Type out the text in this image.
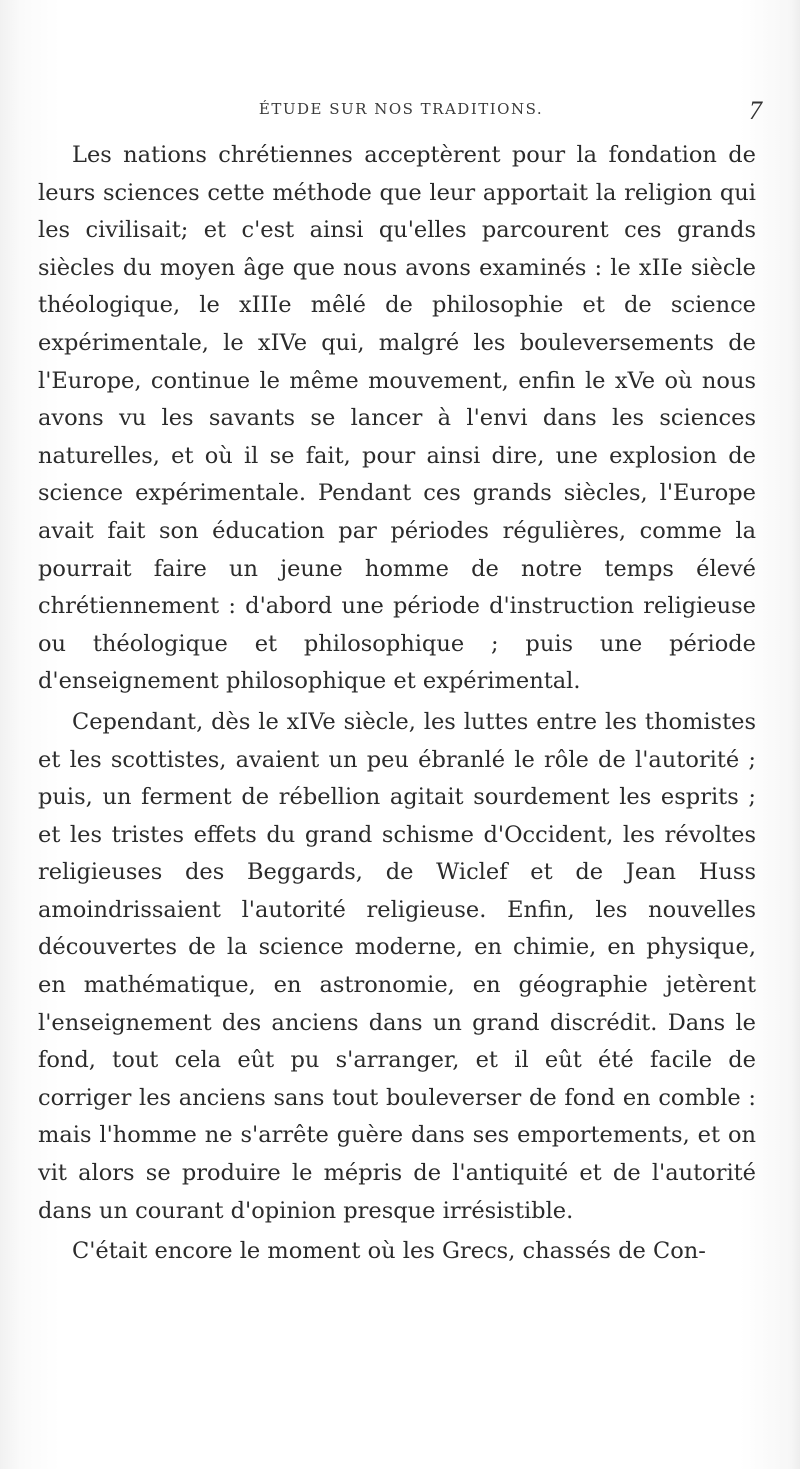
ÉTUDE SUR NOS TRADITIONS.	7

Les nations chrétiennes acceptèrent pour la fondation de leurs sciences cette méthode que leur apportait la religion qui les civilisait; et c'est ainsi qu'elles parcourent ces grands siècles du moyen âge que nous avons examinés : le xIIe siècle théologique, le xIIIe mêlé de philosophie et de science expérimentale, le xIVe qui, malgré les bouleversements de l'Europe, continue le même mouvement, enfin le xVe où nous avons vu les savants se lancer à l'envi dans les sciences naturelles, et où il se fait, pour ainsi dire, une explosion de science expérimentale. Pendant ces grands siècles, l'Europe avait fait son éducation par périodes régulières, comme la pourrait faire un jeune homme de notre temps élevé chrétiennement : d'abord une période d'instruction religieuse ou théologique et philosophique ; puis une période d'enseignement philosophique et expérimental.

Cependant, dès le xIVe siècle, les luttes entre les thomistes et les scottistes, avaient un peu ébranlé le rôle de l'autorité ; puis, un ferment de rébellion agitait sourdement les esprits ; et les tristes effets du grand schisme d'Occident, les révoltes religieuses des Beggards, de Wiclef et de Jean Huss amoindrissaient l'autorité religieuse. Enfin, les nouvelles découvertes de la science moderne, en chimie, en physique, en mathématique, en astronomie, en géographie jetèrent l'enseignement des anciens dans un grand discrédit. Dans le fond, tout cela eût pu s'arranger, et il eût été facile de corriger les anciens sans tout bouleverser de fond en comble : mais l'homme ne s'arrête guère dans ses emportements, et on vit alors se produire le mépris de l'antiquité et de l'autorité dans un courant d'opinion presque irrésistible.

C'était encore le moment où les Grecs, chassés de Con-
